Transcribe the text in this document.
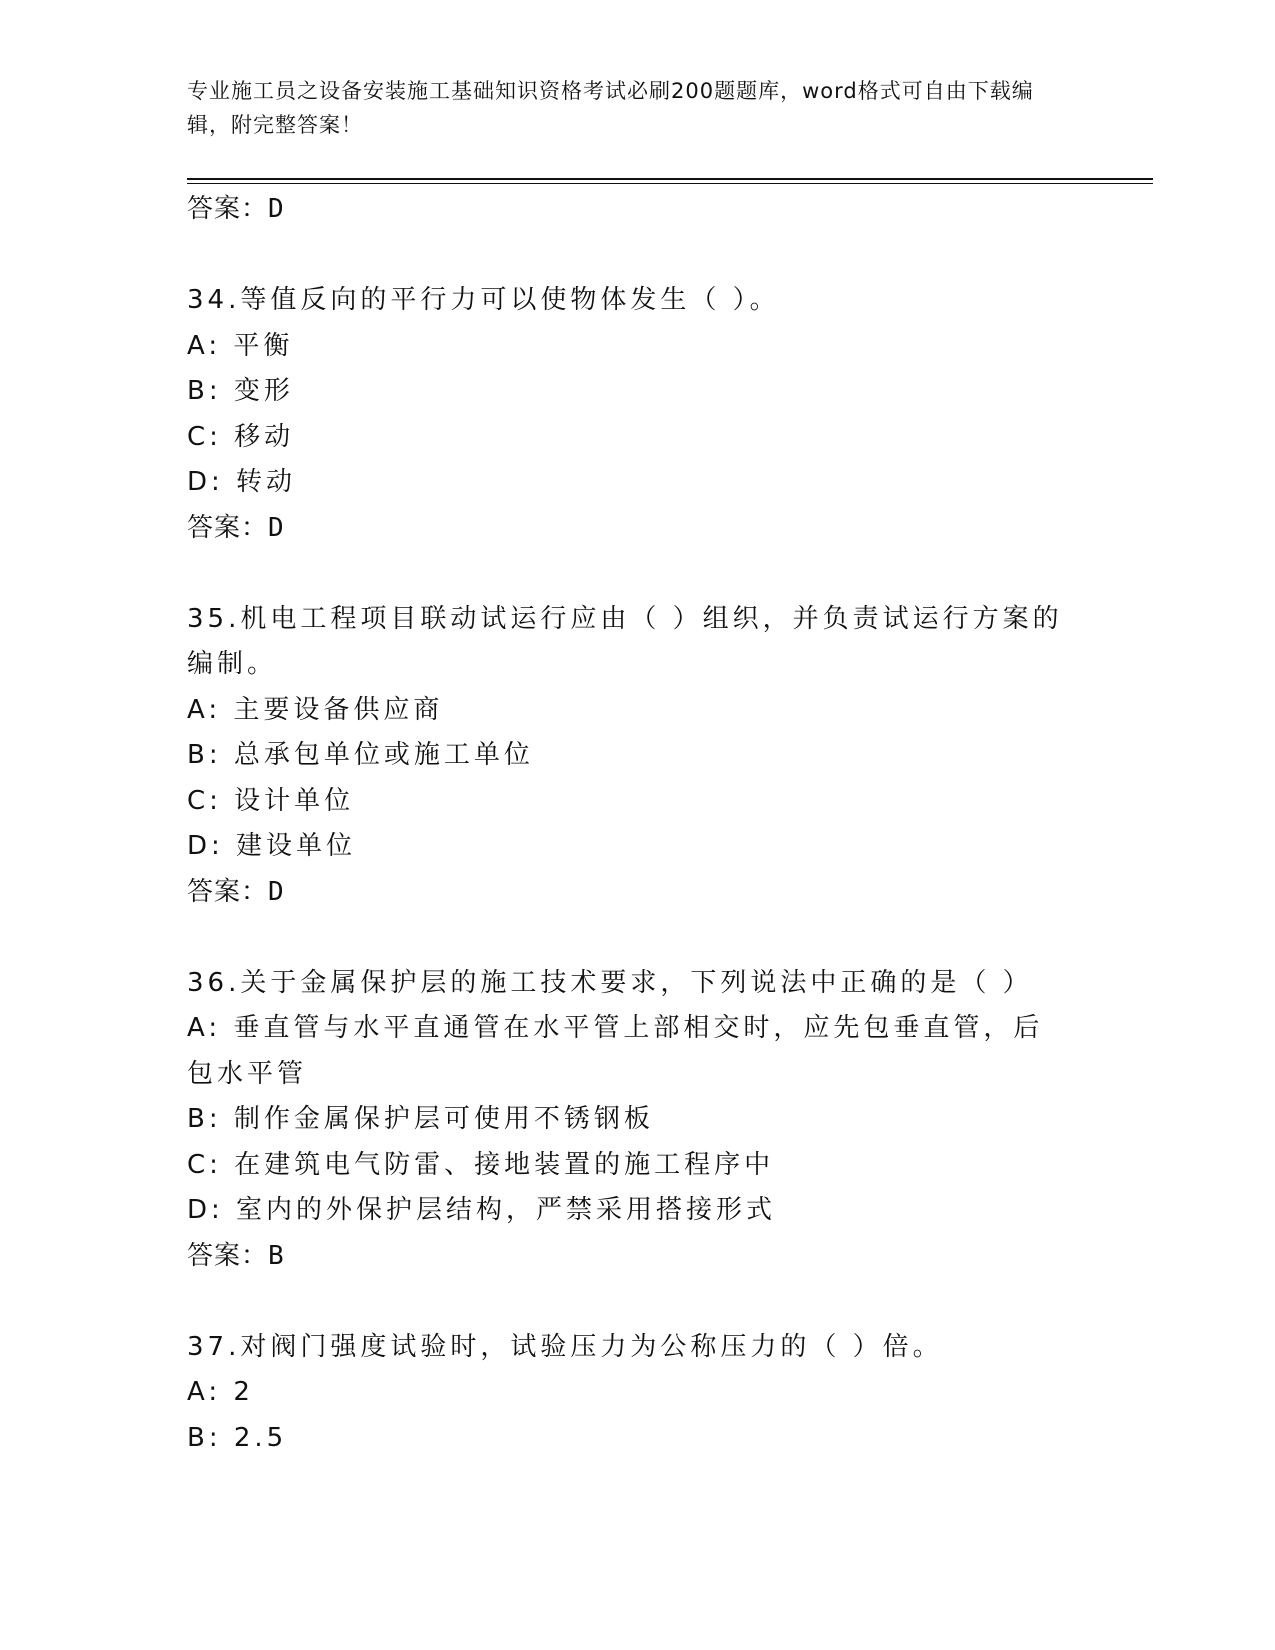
专业施工员之设备安装施工基础知识资格考试必刷200题题库，word格式可自由下载编辑，附完整答案！
答案：D
34.等值反向的平行力可以使物体发生（ ）。
A: 平衡
B: 变形
C: 移动
D: 转动
答案：D
35.机电工程项目联动试运行应由（ ）组织，并负责试运行方案的编制。
A: 主要设备供应商
B: 总承包单位或施工单位
C: 设计单位
D: 建设单位
答案：D
36.关于金属保护层的施工技术要求，下列说法中正确的是（ ）
A: 垂直管与水平直通管在水平管上部相交时，应先包垂直管，后包水平管
B: 制作金属保护层可使用不锈钢板
C: 在建筑电气防雷、接地装置的施工程序中
D: 室内的外保护层结构，严禁采用搭接形式
答案：B
37.对阀门强度试验时，试验压力为公称压力的（ ）倍。
A: 2
B: 2.5
